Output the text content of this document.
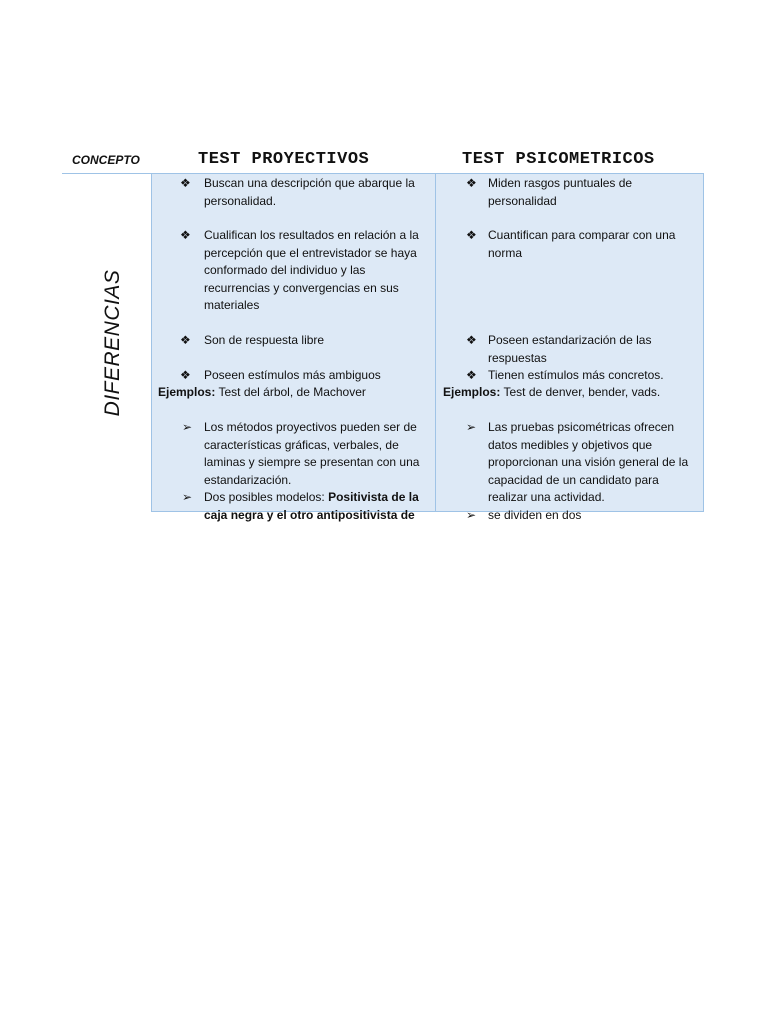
CONCEPTO	TEST PROYECTIVOS	TEST PSICOMETRICOS
DIFERENCIAS
❖ Buscan una descripción que abarque la personalidad.
❖ Cualifican los resultados en relación a la percepción que el entrevistador se haya conformado del individuo y las recurrencias y convergencias en sus materiales
❖ Son de respuesta libre
❖ Poseen estímulos más ambiguos
Ejemplos: Test del árbol, de Machover
➢ Los métodos proyectivos pueden ser de características gráficas, verbales, de laminas y siempre se presentan con una estandarización.
➢ Dos posibles modelos: Positivista de la caja negra y el otro antipositivista de
❖ Miden rasgos puntuales de personalidad
❖ Cuantifican para comparar con una norma
❖ Poseen estandarización de las respuestas
❖ Tienen estímulos más concretos.
Ejemplos: Test de denver, bender, vads.
➢ Las pruebas psicométricas ofrecen datos medibles y objetivos que proporcionan una visión general de la capacidad de un candidato para realizar una actividad.
➢ se dividen en dos
